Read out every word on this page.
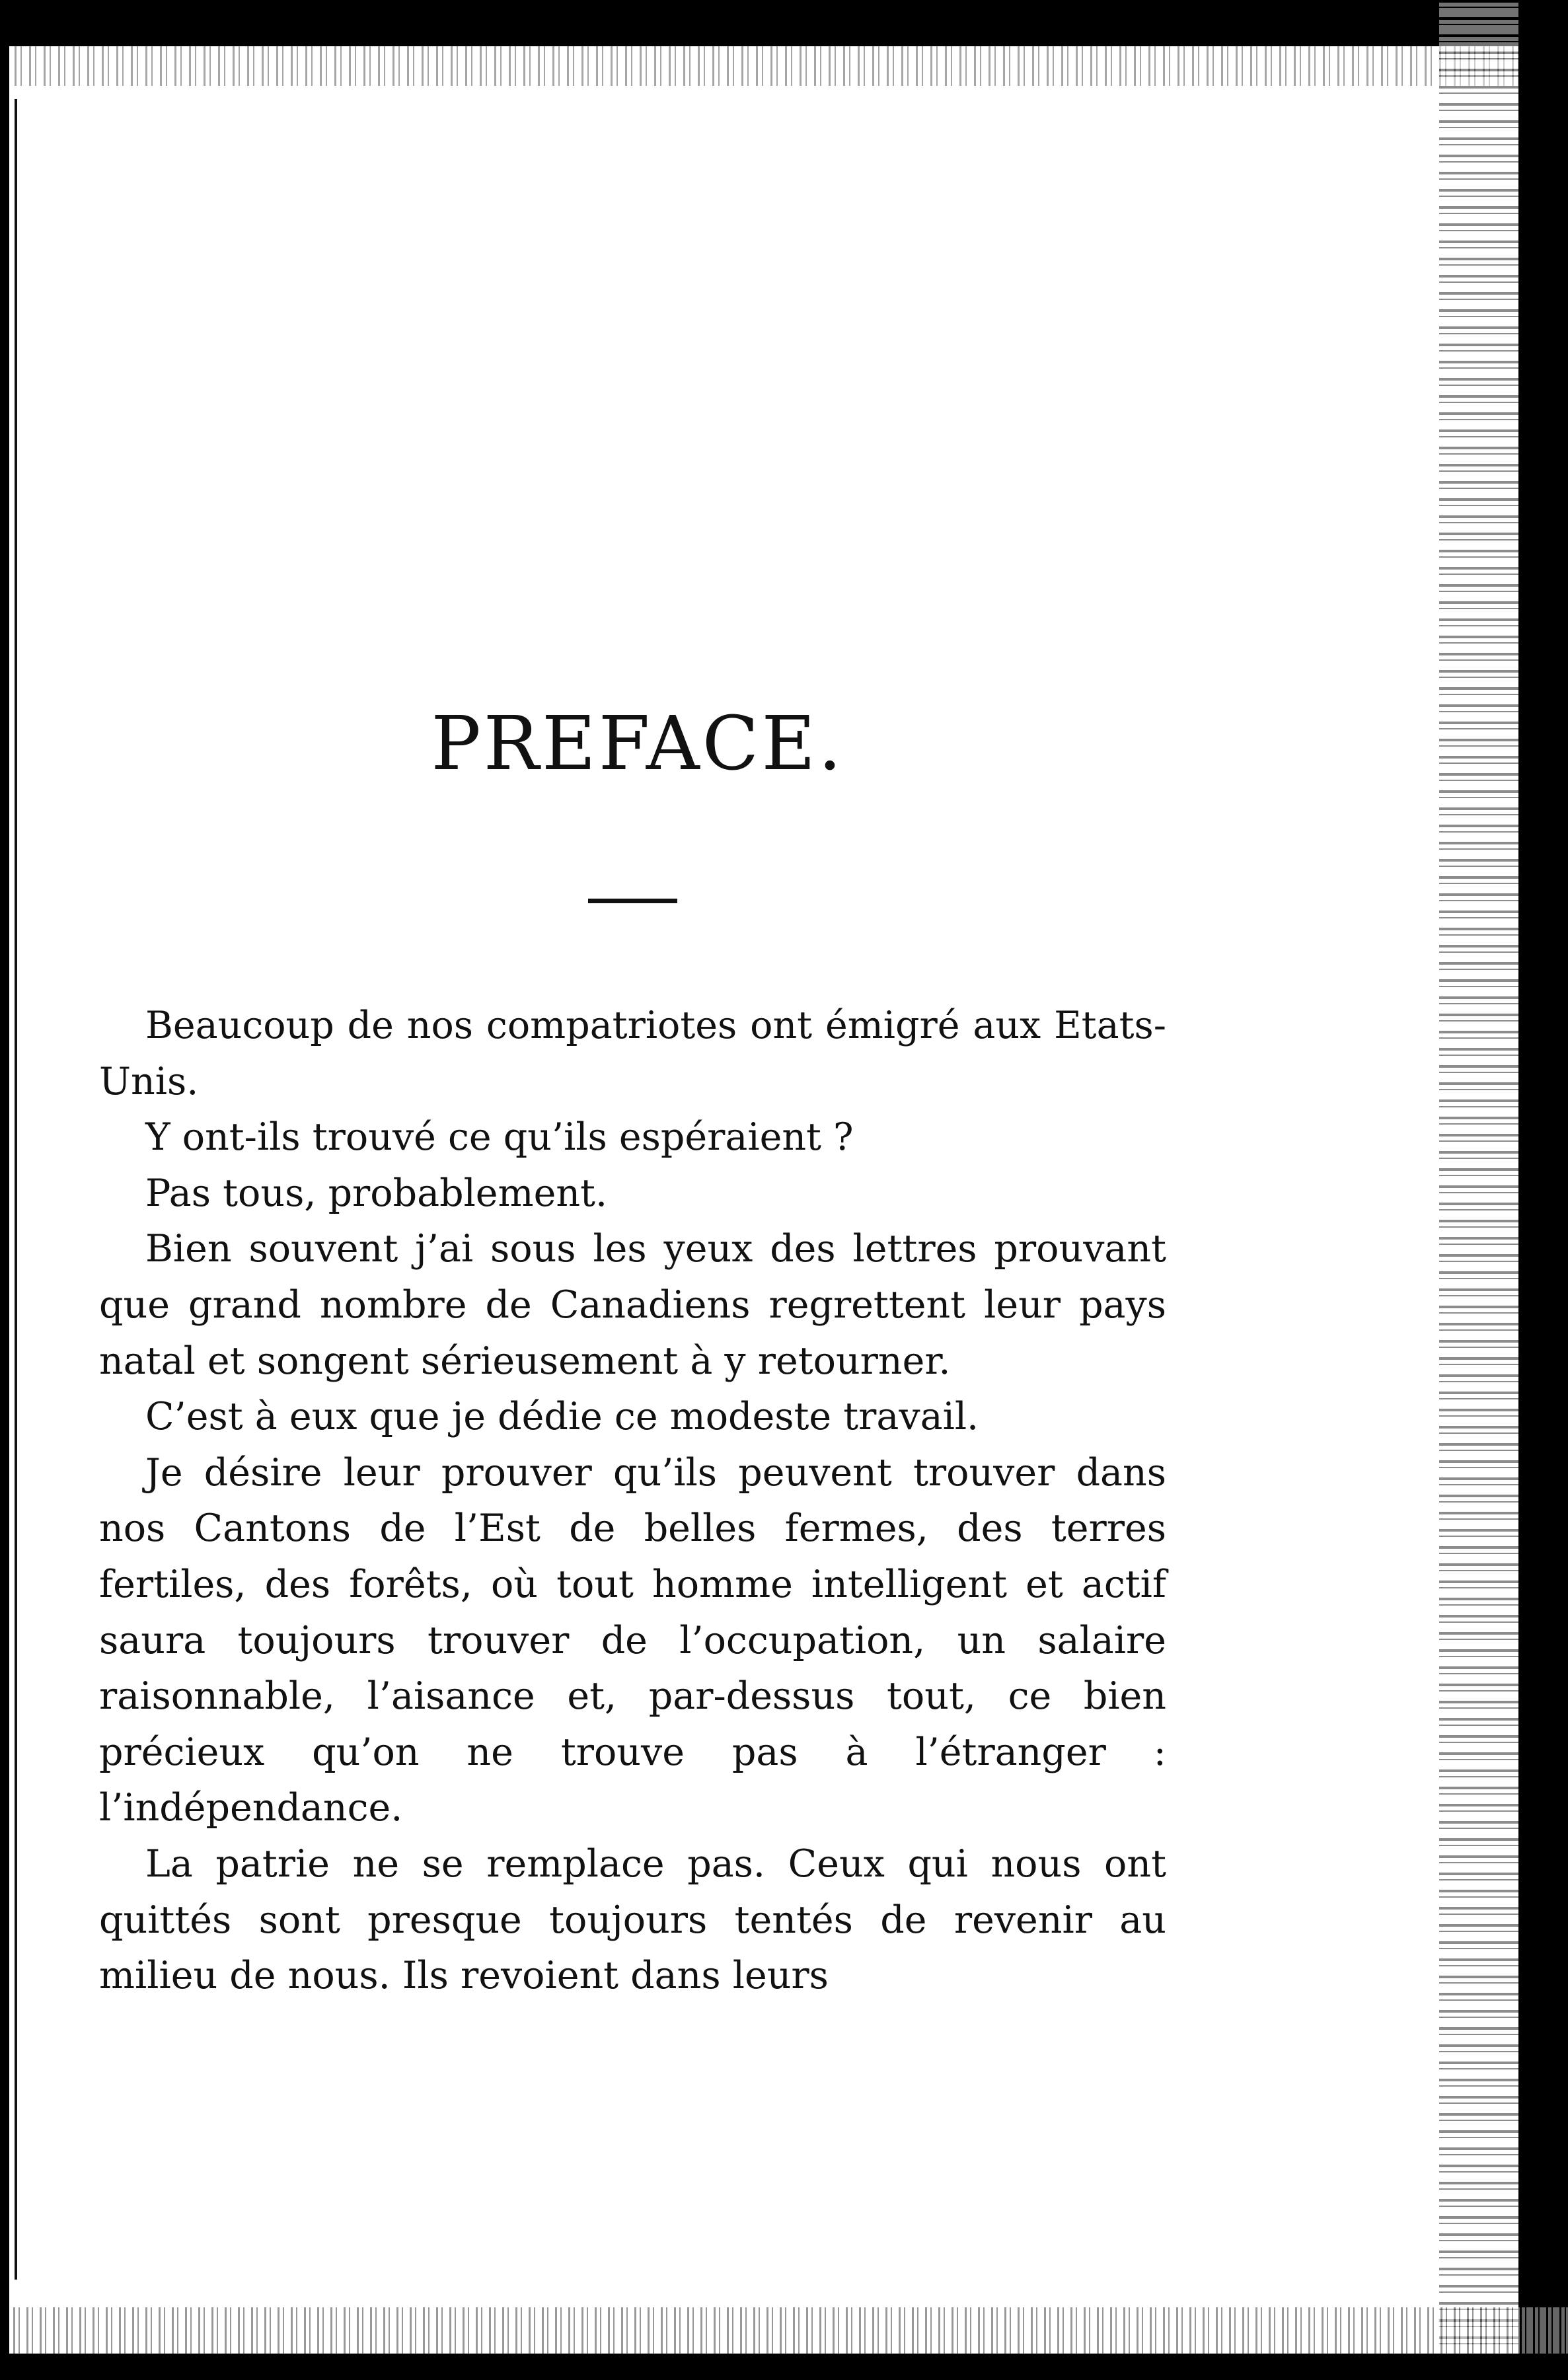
PREFACE.

Beaucoup de nos compatriotes ont émigré aux Etats-Unis.

Y ont-ils trouvé ce qu’ils espéraient ?

Pas tous, probablement.

Bien souvent j’ai sous les yeux des lettres prouvant que grand nombre de Canadiens regrettent leur pays natal et songent sérieusement à y retourner.

C’est à eux que je dédie ce modeste travail.

Je désire leur prouver qu’ils peuvent trouver dans nos Cantons de l’Est de belles fermes, des terres fertiles, des forêts, où tout homme intelligent et actif saura toujours trouver de l’occupation, un salaire raisonnable, l’aisance et, par-dessus tout, ce bien précieux qu’on ne trouve pas à l’étranger : l’indépendance.

La patrie ne se remplace pas. Ceux qui nous ont quittés sont presque toujours tentés de revenir au milieu de nous. Ils revoient dans leurs
